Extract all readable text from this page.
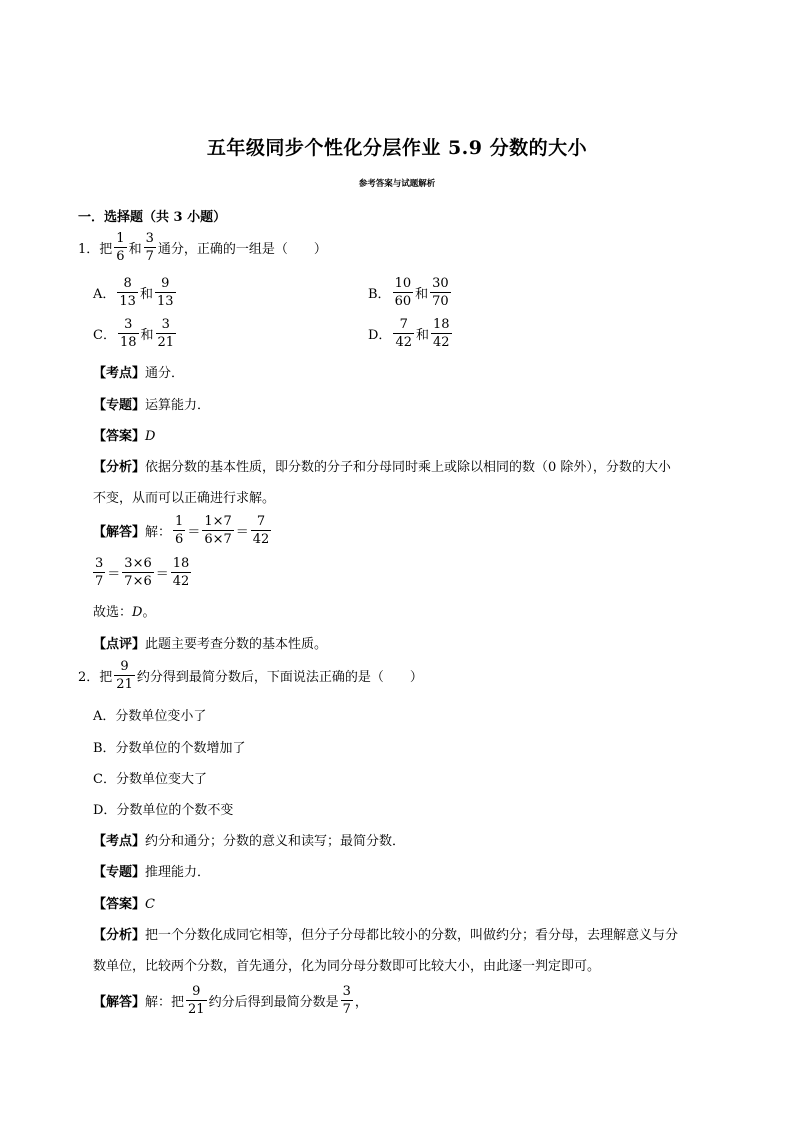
五年级同步个性化分层作业 5.9 分数的大小
参考答案与试题解析
一．选择题（共 3 小题）
1． 把
1
6 和
3
7 通分，正确的一组是（　　）
A．
8
13 和
9
13	B．
10
60 和
30
70
C．
3
18 和
3
21	D．
7
42 和
18
42
【考点】通分．
【专题】运算能力．
【答案】D
【分析】依据分数的基本性质，即分数的分子和分母同时乘上或除以相同的数（0 除外），分数的大小
不变，从而可以正确进行求解。
【解答】 解：
1
6 ＝
1×7
6×7 ＝
7
42
3
7 ＝
3×6
7×6 ＝
18
42
故选：D。
【点评】此题主要考查分数的基本性质。
2． 把
9
21 约分得到最简分数后，下面说法正确的是（　　）
A．分数单位变小了
B．分数单位的个数增加了
C．分数单位变大了
D．分数单位的个数不变
【考点】约分和通分；分数的意义和读写；最简分数．
【专题】推理能力．
【答案】C
【分析】把一个分数化成同它相等，但分子分母都比较小的分数，叫做约分；看分母，去理解意义与分
数单位，比较两个分数，首先通分，化为同分母分数即可比较大小，由此逐一判定即可。
【解答】 解：把
9
21 约分后得到最简分数是
3
7 ，
